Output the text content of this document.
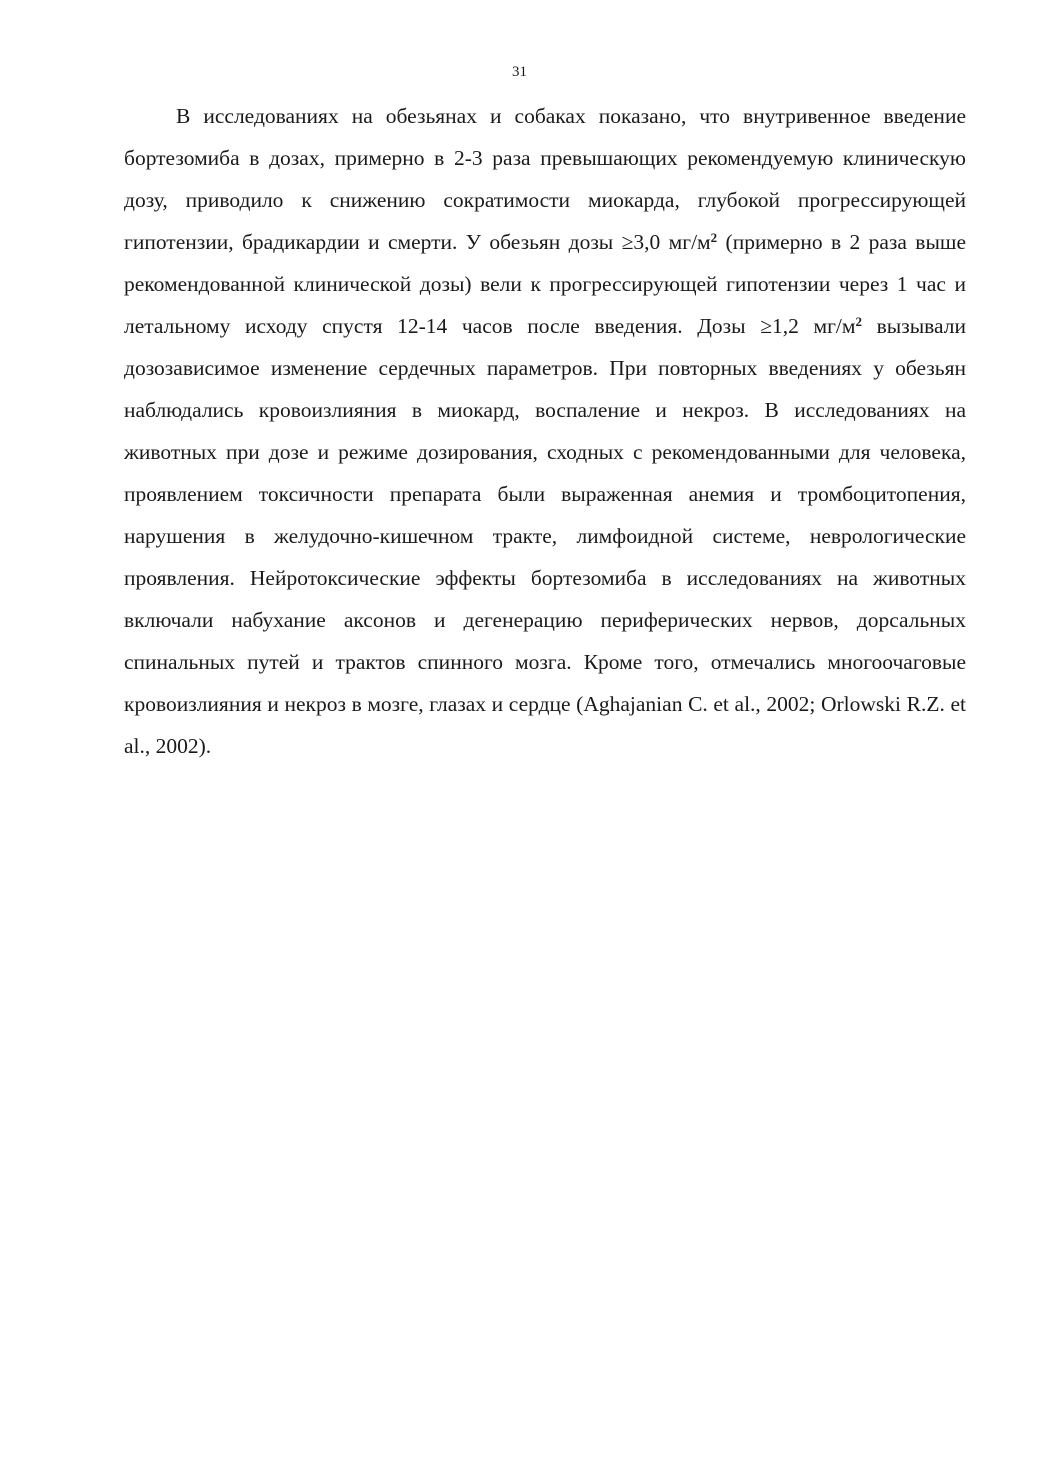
31

В исследованиях на обезьянах и собаках показано, что внутривенное введение бортезомиба в дозах, примерно в 2-3 раза превышающих рекомендуемую клиническую дозу, приводило к снижению сократимости миокарда, глубокой прогрессирующей гипотензии, брадикардии и смерти. У обезьян дозы ≥3,0 $мг/м^2$ (примерно в 2 раза выше рекомендованной клинической дозы) вели к прогрессирующей гипотензии через 1 час и летальному исходу спустя 12-14 часов после введения. Дозы ≥1,2 $мг/м^2$ вызывали дозозависимое изменение сердечных параметров. При повторных введениях у обезьян наблюдались кровоизлияния в миокард, воспаление и некроз. В исследованиях на животных при дозе и режиме дозирования, сходных с рекомендованными для человека, проявлением токсичности препарата были выраженная анемия и тромбоцитопения, нарушения в желудочно-кишечном тракте, лимфоидной системе, неврологические проявления. Нейротоксические эффекты бортезомиба в исследованиях на животных включали набухание аксонов и дегенерацию периферических нервов, дорсальных спинальных путей и трактов спинного мозга. Кроме того, отмечались многоочаговые кровоизлияния и некроз в мозге, глазах и сердце (Aghajanian C. et al., 2002; Orlowski R.Z. et al., 2002).
